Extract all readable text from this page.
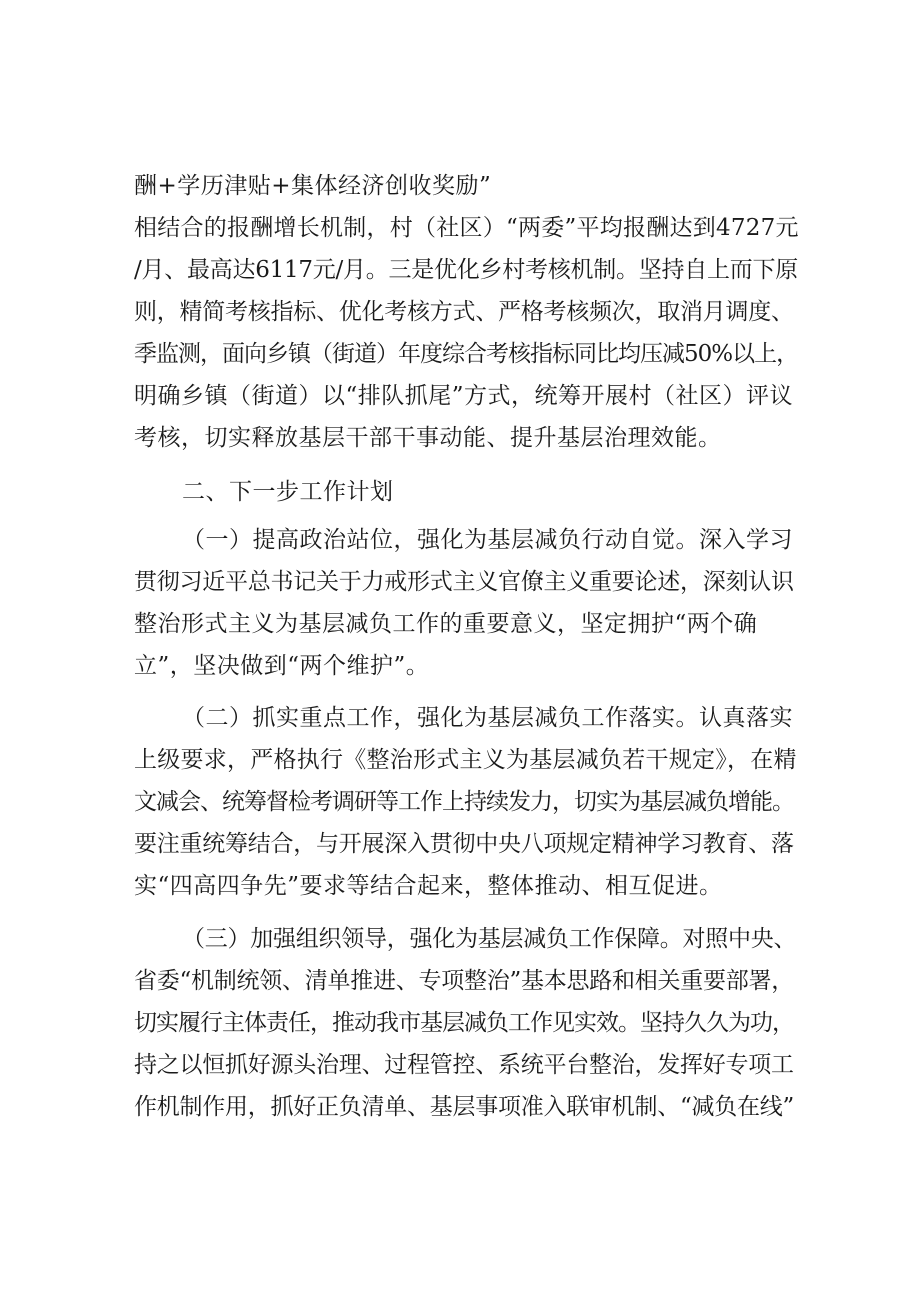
酬+学历津贴+集体经济创收奖励”
相结合的报酬增长机制，村（社区）“两委”平均报酬达到4727元
/月、最高达6117元/月。三是优化乡村考核机制。坚持自上而下原
则，精简考核指标、优化考核方式、严格考核频次，取消月调度、
季监测，面向乡镇（街道）年度综合考核指标同比均压减50%以上，
明确乡镇（街道）以“排队抓尾”方式，统筹开展村（社区）评议
考核，切实释放基层干部干事动能、提升基层治理效能。
二、下一步工作计划
（一）提高政治站位，强化为基层减负行动自觉。深入学习
贯彻习近平总书记关于力戒形式主义官僚主义重要论述，深刻认识
整治形式主义为基层减负工作的重要意义，坚定拥护“两个确
立”，坚决做到“两个维护”。
（二）抓实重点工作，强化为基层减负工作落实。认真落实
上级要求，严格执行《整治形式主义为基层减负若干规定》，在精
文减会、统筹督检考调研等工作上持续发力，切实为基层减负增能。
要注重统筹结合，与开展深入贯彻中央八项规定精神学习教育、落
实“四高四争先”要求等结合起来，整体推动、相互促进。
（三）加强组织领导，强化为基层减负工作保障。对照中央、
省委“机制统领、清单推进、专项整治”基本思路和相关重要部署，
切实履行主体责任，推动我市基层减负工作见实效。坚持久久为功，
持之以恒抓好源头治理、过程管控、系统平台整治，发挥好专项工
作机制作用，抓好正负清单、基层事项准入联审机制、“减负在线”
